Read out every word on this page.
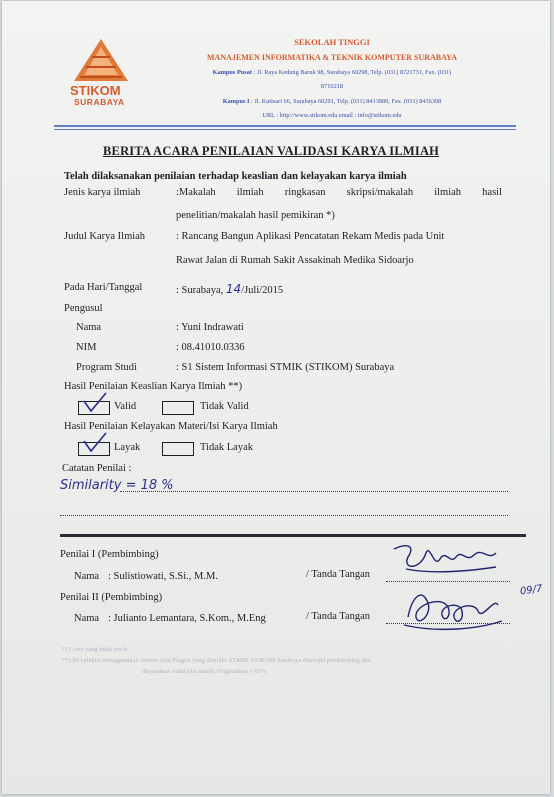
STIKOM
SURABAYA
SEKOLAH TINGGI
MANAJEMEN INFORMATIKA & TEKNIK KOMPUTER SURABAYA
Kampus Pusat : Jl. Raya Kedung Baruk 98, Surabaya 60298, Telp. (031) 8721731, Fax. (031)
8710218
Kampus I : Jl. Kutisari 66, Surabaya 60291, Telp. (031) 8413889, Fax. (031) 8436308
URL : http://www.stikom.edu email : info@stikom.edu
BERITA ACARA PENILAIAN VALIDASI KARYA ILMIAH
Telah dilaksanakan penilaian terhadap keaslian dan kelayakan karya ilmiah
Jenis karya ilmiah	:Makalah ilmiah ringkasan skripsi/makalah ilmiah hasil
penelitian/makalah hasil pemikiran *)
Judul Karya Ilmiah	: Rancang Bangun Aplikasi Pencatatan Rekam Medis pada Unit
Rawat Jalan di Rumah Sakit Assakinah Medika Sidoarjo
Pada Hari/Tanggal	: Surabaya, 14/Juli/2015
Pengusul
Nama	: Yuni Indrawati
NIM	: 08.41010.0336
Program Studi	: S1 Sistem Informasi STMIK (STIKOM) Surabaya
Hasil Penilaian Keaslian Karya Ilmiah **)
Valid	Tidak Valid
Hasil Penilaian Kelayakan Materi/Isi Karya Ilmiah
Layak	Tidak Layak
Catatan Penilai :
Similarity = 18 %
Penilai I (Pembimbing)
Nama : Sulistiowati, S.Si., M.M.	/ Tanda Tangan
Penilai II (Pembimbing)
Nama : Julianto Lemantara, S.Kom., M.Eng	/ Tanda Tangan
09/7
*) Coret yang tidak perlu
**) Di validasi menggunakan Sistem Anti Plagiat yang dimiliki STMIK STIKOM Surabaya disetujui pembimbing dan
dinyatakan valid jika indeks Originalitas > 85%
